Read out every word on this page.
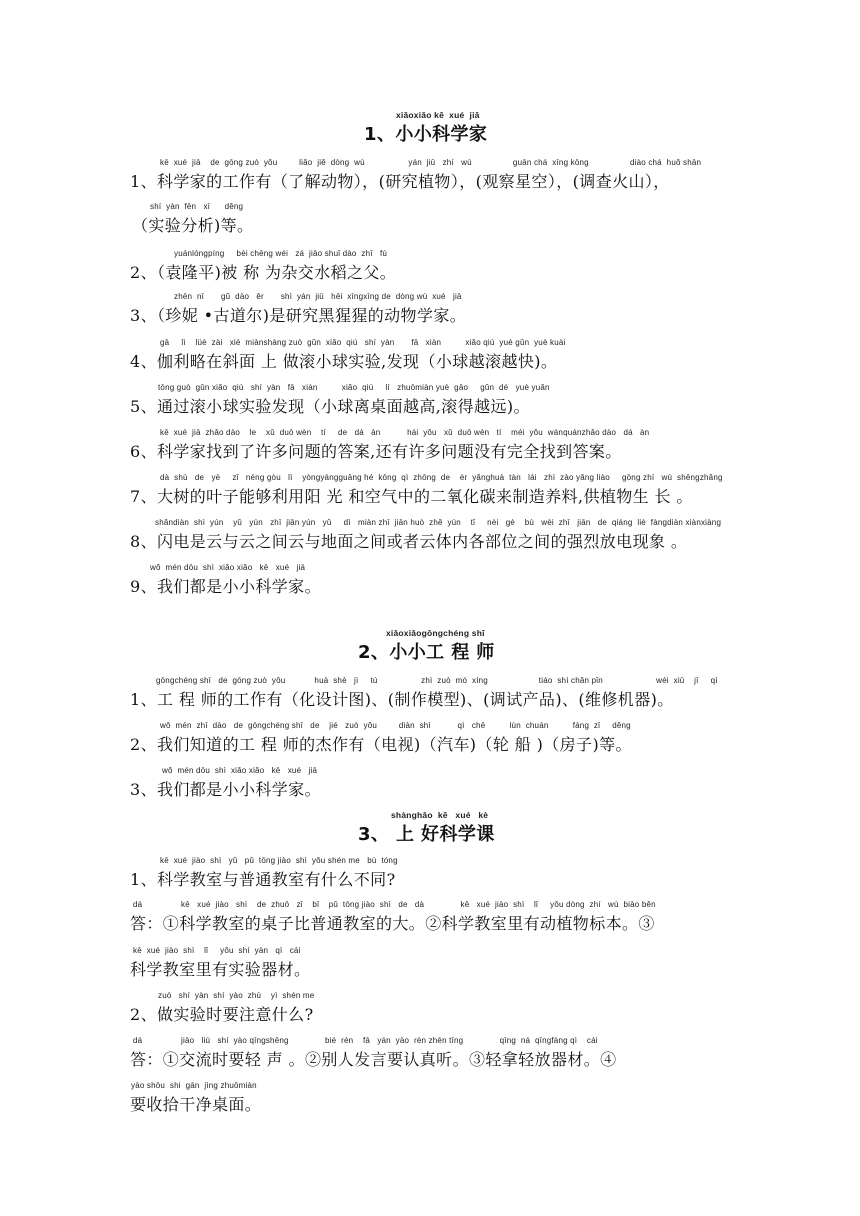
xiǎoxiǎo kē  xué  jiā
1、小小科学家
kē  xué  jiā    de  gōng zuò  yǒu         liǎo  jiě  dòng  wù                  yán  jiū   zhí   wù                 guān chá  xīng kōng                 diào chá  huǒ shān
1、科学家的工作有（了解动物），(研究植物），(观察星空），(调查火山），
shí  yàn  fēn   xī      děng
（实验分析)等。
yuánlóngpíng     bèi chēng wéi   zá  jiāo shuǐ dào  zhī   fù
2、（袁隆平)被 称 为杂交水稻之父。
zhēn  nī       gǔ  dào   ěr       shì  yán  jiū   hēi  xīngxīng de  dòng wù  xué   jiā
3、（珍妮 •古道尔)是研究黑猩猩的动物学家。
gā     lì    lüè  zài   xié  miànshàng zuò  gǔn  xiǎo  qiú   shí  yàn       fā   xiàn          xiǎo qiú  yuè gǔn  yuè kuài
4、伽利略在斜面 上 做滚小球实验,发现（小球越滚越快)。
tōng guò  gǔn xiǎo  qiú   shí  yàn   fā   xiàn          xiǎo  qiú     lí   zhuōmiàn yuè  gāo     gǔn  dé   yuè yuǎn
5、通过滚小球实验发现（小球离桌面越高,滚得越远)。
kē  xué  jiā  zhǎo dào    le    xǔ  duō wèn    tí     de   dá   àn           hái  yǒu   xǔ  duō wèn   tí    méi  yǒu  wánquánzhǎo dào   dá   àn
6、科学家找到了许多问题的答案,还有许多问题没有完全找到答案。
dà  shù   de   yè     zǐ   néng gòu   lì    yòngyángguāng hé  kōng  qì  zhōng  de    èr  yǎnghuà  tàn   lái   zhì  zào yǎng liào     gōng zhí   wù  shēngzhǎng
7、大树的叶子能够利用阳 光 和空气中的二氧化碳来制造养料,供植物生 长 。
shǎndiàn  shì  yún    yǔ   yún   zhī  jiān yún   yǔ     dì   miàn zhī  jiān huò  zhě  yún    tǐ     nèi   gè    bù   wèi  zhī   jiān   de  qiáng  liè  fàngdiàn xiànxiàng
8、闪电是云与云之间云与地面之间或者云体内各部位之间的强烈放电现象 。
wǒ  mén dōu  shì  xiǎo xiǎo   kē   xué   jiā
9、我们都是小小科学家。
xiǎoxiǎogōngchéng shī
2、小小工 程 师
gōngchéng shī   de  gōng zuò  yǒu            huà  shè   jì     tú                  zhì  zuò  mó  xíng                     tiáo  shì chǎn pǐn                      wéi  xiū    jī     qì
1、工 程 师的工作有（化设计图)、(制作模型)、(调试产品)、(维修机器)。
wǒ  mén  zhī  dào   de  gōngchéng shī   de    jié   zuò  yǒu         diàn  shì           qì   chē          lún  chuán          fáng  zǐ     děng
2、我们知道的工 程 师的杰作有（电视)（汽车)（轮 船 )（房子)等。
wǒ  mén dōu  shì  xiǎo xiǎo   kē   xué   jiā
3、我们都是小小科学家。
shànghǎo  kē   xué   kè
3、 上 好科学课
kē  xué  jiào  shì   yǔ   pǔ  tōng jiào  shì  yǒu shén me   bù  tóng
1、科学教室与普通教室有什么不同?
dá                kē   xué  jiào   shì    de  zhuō   zǐ    bǐ    pǔ  tōng jiào  shì   de   dà               kē   xué  jiào  shì    lǐ     yǒu dòng  zhí   wù  biāo běn
答：①科学教室的桌子比普通教室的大。②科学教室里有动植物标本。③
kē  xué  jiào  shì    lǐ     yǒu  shí  yàn   qì   cái
科学教室里有实验器材。
zuò   shí  yàn  shí  yào  zhù    yì  shén me
2、做实验时要注意什么?
dá                jiāo   liú   shí  yào qīngshēng               bié  rén    fā   yán  yào  rèn zhēn tīng               qīng  ná  qīngfàng qì    cái
答：①交流时要轻 声 。②别人发言要认真听。③轻拿轻放器材。④
yào shōu  shi  gān  jìng zhuōmiàn
要收拾干净桌面。
